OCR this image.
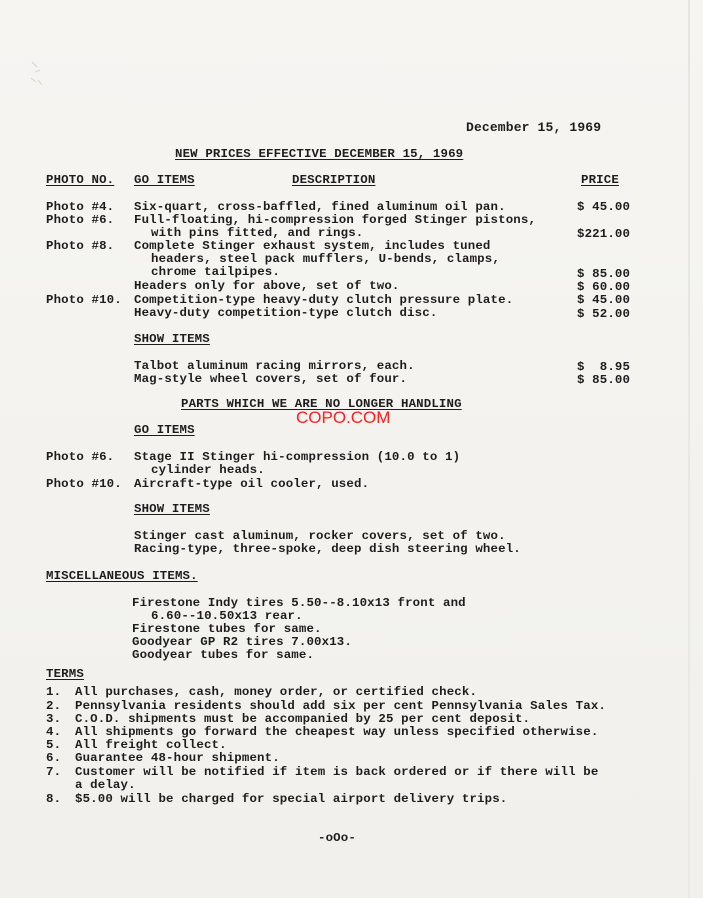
December 15, 1969
NEW PRICES EFFECTIVE DECEMBER 15, 1969
PHOTO NO. GO ITEMS	DESCRIPTION	PRICE
Photo #4. Six-quart, cross-baffled, fined aluminum oil pan.	$ 45.00
Photo #6. Full-floating, hi-compression forged Stinger pistons,
with pins fitted, and rings.	$221.00
Photo #8. Complete Stinger exhaust system, includes tuned
headers, steel pack mufflers, U-bends, clamps,
chrome tailpipes.	$ 85.00
Headers only for above, set of two.	$ 60.00
Photo #10. Competition-type heavy-duty clutch pressure plate.	$ 45.00
Heavy-duty competition-type clutch disc.	$ 52.00
SHOW ITEMS
Talbot aluminum racing mirrors, each.	$  8.95
Mag-style wheel covers, set of four.	$ 85.00
PARTS WHICH WE ARE NO LONGER HANDLING
COPO.COM
GO ITEMS
Photo #6. Stage II Stinger hi-compression (10.0 to 1)
cylinder heads.
Photo #10. Aircraft-type oil cooler, used.
SHOW ITEMS
Stinger cast aluminum, rocker covers, set of two.
Racing-type, three-spoke, deep dish steering wheel.
MISCELLANEOUS ITEMS.
Firestone Indy tires 5.50--8.10x13 front and
6.60--10.50x13 rear.
Firestone tubes for same.
Goodyear GP R2 tires 7.00x13.
Goodyear tubes for same.
TERMS
1. All purchases, cash, money order, or certified check.
2. Pennsylvania residents should add six per cent Pennsylvania Sales Tax.
3. C.O.D. shipments must be accompanied by 25 per cent deposit.
4. All shipments go forward the cheapest way unless specified otherwise.
5. All freight collect.
6. Guarantee 48-hour shipment.
7. Customer will be notified if item is back ordered or if there will be
a delay.
8. $5.00 will be charged for special airport delivery trips.
-oOo-
